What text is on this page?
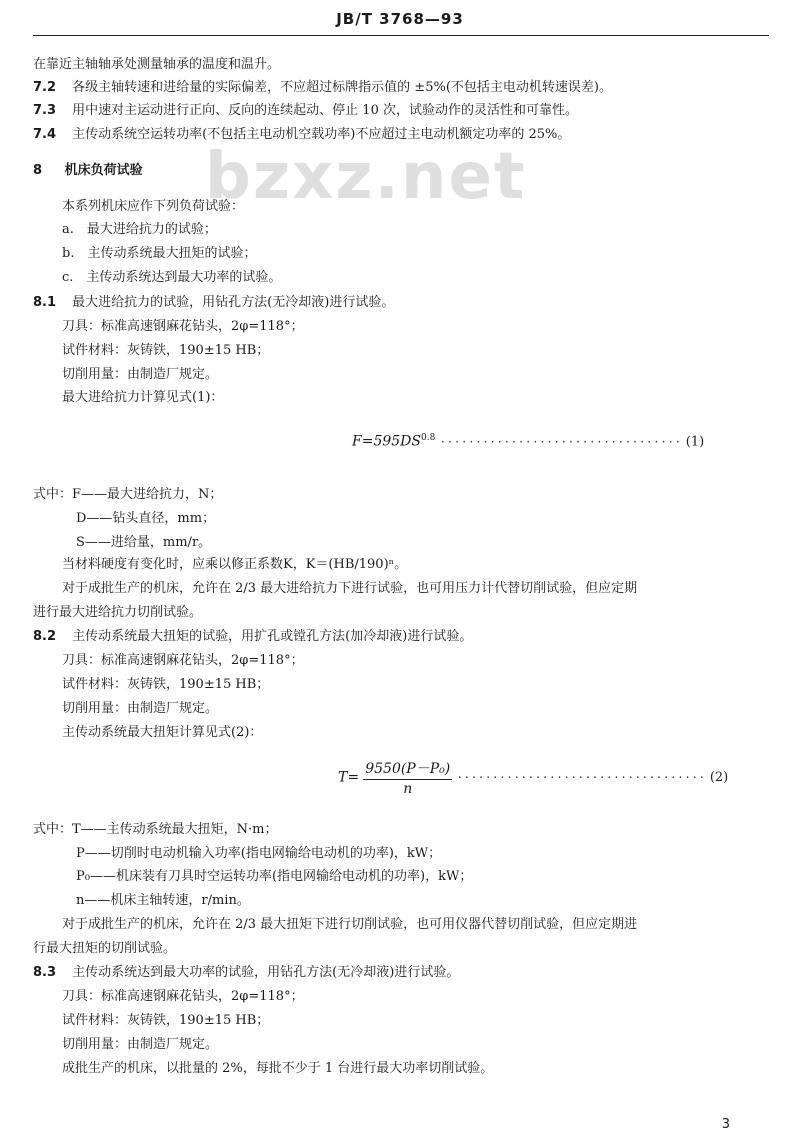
JB/T 3768—93
bzxz.net
在靠近主轴轴承处测量轴承的温度和温升。
7.2 各级主轴转速和进给量的实际偏差，不应超过标牌指示值的 ±5%(不包括主电动机转速误差)。
7.3 用中速对主运动进行正向、反向的连续起动、停止 10 次，试验动作的灵活性和可靠性。
7.4 主传动系统空运转功率(不包括主电动机空载功率)不应超过主电动机额定功率的 25%。
8 机床负荷试验
本系列机床应作下列负荷试验：
a.　最大进给抗力的试验；
b.　主传动系统最大扭矩的试验；
c.　主传动系统达到最大功率的试验。
8.1 最大进给抗力的试验，用钻孔方法(无冷却液)进行试验。
刀具：标准高速钢麻花钻头，2φ=118°；
试件材料：灰铸铁，190±15 HB；
切削用量：由制造厂规定。
最大进给抗力计算见式(1)：
$F=595DS^{0.8}$ ·································· (1)
式中：F——最大进给抗力，N；
D——钻头直径，mm；
S——进给量，mm/r。
当材料硬度有变化时，应乘以修正系数K，K＝(HB/190)ⁿ。
对于成批生产的机床，允许在 2/3 最大进给抗力下进行试验，也可用压力计代替切削试验，但应定期
进行最大进给抗力切削试验。
8.2 主传动系统最大扭矩的试验，用扩孔或镗孔方法(加冷却液)进行试验。
刀具：标准高速钢麻花钻头，2φ=118°；
试件材料：灰铸铁，190±15 HB；
切削用量：由制造厂规定。
主传动系统最大扭矩计算见式(2)：
$T= \frac{\text{9550(P－P₀)}}{n}$ ··································· (2)
式中：T——主传动系统最大扭矩，N·m；
P——切削时电动机输入功率(指电网输给电动机的功率)，kW；
P₀——机床装有刀具时空运转功率(指电网输给电动机的功率)，kW；
n——机床主轴转速，r/min。
对于成批生产的机床，允许在 2/3 最大扭矩下进行切削试验，也可用仪器代替切削试验，但应定期进
行最大扭矩的切削试验。
8.3 主传动系统达到最大功率的试验，用钻孔方法(无冷却液)进行试验。
刀具：标准高速钢麻花钻头，2φ=118°；
试件材料：灰铸铁，190±15 HB；
切削用量：由制造厂规定。
成批生产的机床，以批量的 2%，每批不少于 1 台进行最大功率切削试验。
3
